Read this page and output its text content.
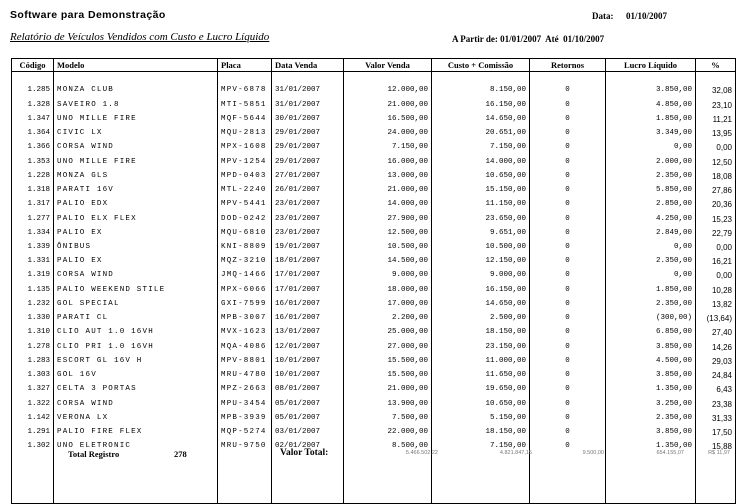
Software para Demonstração	Data: 01/10/2007
Relatório de Veículos Vendidos com Custo e Lucro Líquido	A Partir de: 01/01/2007 Até 01/10/2007
Código	Modelo	Placa	Data Venda	Valor Venda	Custo + Comissão	Retornos	Lucro Líquido	%

1.285	MONZA CLUB	MPV-6878	31/01/2007	12.000,00	8.150,00	0	3.850,00	32,08
1.328	SAVEIRO 1.8	MTI-5851	31/01/2007	21.000,00	16.150,00	0	4.850,00	23,10
1.347	UNO MILLE FIRE	MQF-5644	30/01/2007	16.500,00	14.650,00	0	1.850,00	11,21
1.364	CIVIC LX	MQU-2813	29/01/2007	24.000,00	20.651,00	0	3.349,00	13,95
1.366	CORSA WIND	MPX-1608	29/01/2007	7.150,00	7.150,00	0	0,00	0,00
1.353	UNO MILLE FIRE	MPV-1254	29/01/2007	16.000,00	14.000,00	0	2.000,00	12,50
1.228	MONZA GLS	MPD-0403	27/01/2007	13.000,00	10.650,00	0	2.350,00	18,08
1.318	PARATI 16V	MTL-2240	26/01/2007	21.000,00	15.150,00	0	5.850,00	27,86
1.317	PALIO EDX	MPV-5441	23/01/2007	14.000,00	11.150,00	0	2.850,00	20,36
1.277	PALIO ELX FLEX	DOD-0242	23/01/2007	27.900,00	23.650,00	0	4.250,00	15,23
1.334	PALIO EX	MQU-6810	23/01/2007	12.500,00	9.651,00	0	2.849,00	22,79
1.339	ÔNIBUS	KNI-8809	19/01/2007	10.500,00	10.500,00	0	0,00	0,00
1.331	PALIO EX	MQZ-3210	18/01/2007	14.500,00	12.150,00	0	2.350,00	16,21
1.319	CORSA WIND	JMQ-1466	17/01/2007	9.000,00	9.000,00	0	0,00	0,00
1.135	PALIO WEEKEND STILE	MPX-6066	17/01/2007	18.000,00	16.150,00	0	1.850,00	10,28
1.232	GOL SPECIAL	GXI-7599	16/01/2007	17.000,00	14.650,00	0	2.350,00	13,82
1.330	PARATI CL	MPB-3007	16/01/2007	2.200,00	2.500,00	0	(300,00)	(13,64)
1.310	CLIO AUT 1.0 16VH	MVX-1623	13/01/2007	25.000,00	18.150,00	0	6.850,00	27,40
1.278	CLIO PRI 1.0 16VH	MQA-4086	12/01/2007	27.000,00	23.150,00	0	3.850,00	14,26
1.283	ESCORT GL 16V H	MPV-8801	10/01/2007	15.500,00	11.000,00	0	4.500,00	29,03
1.303	GOL 16V	MRU-4780	10/01/2007	15.500,00	11.650,00	0	3.850,00	24,84
1.327	CELTA 3 PORTAS	MPZ-2663	08/01/2007	21.000,00	19.650,00	0	1.350,00	6,43
1.322	CORSA WIND	MPU-3454	05/01/2007	13.900,00	10.650,00	0	3.250,00	23,38
1.142	VERONA LX	MPB-3939	05/01/2007	7.500,00	5.150,00	0	2.350,00	31,33
1.291	PALIO FIRE FLEX	MQP-5274	03/01/2007	22.000,00	18.150,00	0	3.850,00	17,50
1.302	UNO ELETRONIC	MRU-9750	02/01/2007	8.500,00	7.150,00	0	1.350,00	15,88

Total Registro	278	Valor Total:	5.466.502,22	4.821.847,15	9.500,00	654.155,07	R$ 11,97
